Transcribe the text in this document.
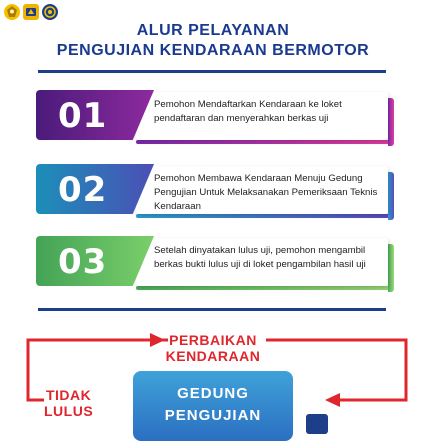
ALUR PELAYANAN
PENGUJIAN KENDARAAN BERMOTOR
01	Pemohon Mendaftarkan Kendaraan ke loket pendaftaran dan menyerahkan berkas uji
02	Pemohon Membawa Kendaraan Menuju Gedung Pengujian Untuk Melaksanakan Pemeriksaan Teknis Kendaraan
03	Setelah dinyatakan lulus uji, pemohon mengambil berkas bukti lulus uji di loket pengambilan hasil uji
PERBAIKAN
KENDARAAN
TIDAK
LULUS
GEDUNG
PENGUJIAN
